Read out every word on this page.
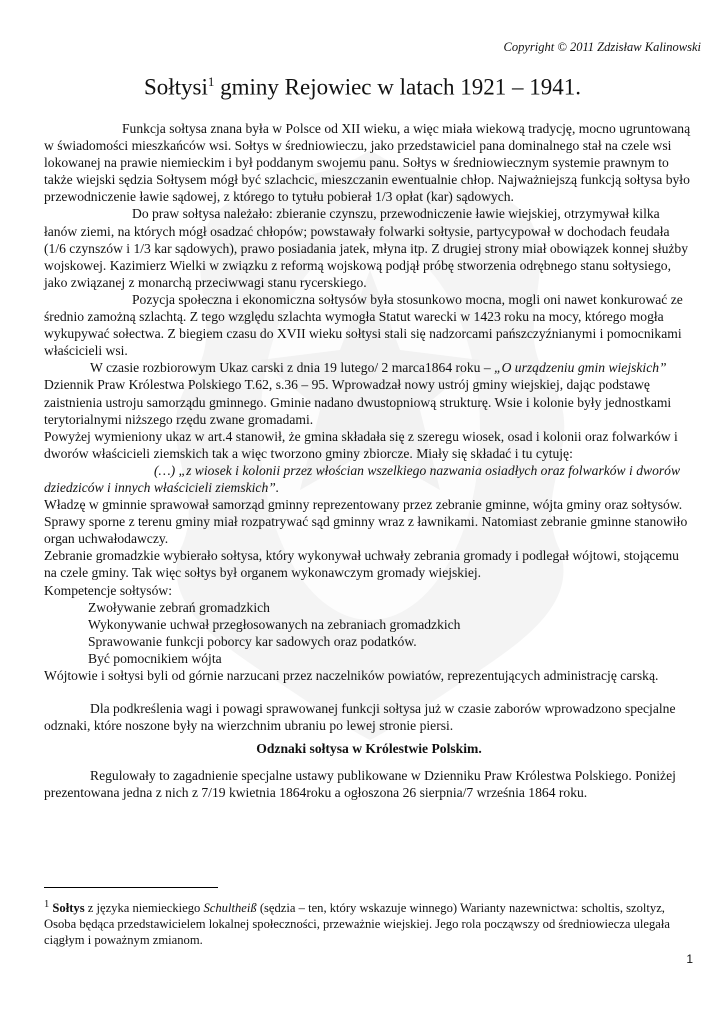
Copyright © 2011 Zdzisław Kalinowski
Sołtysi$^1$ gminy Rejowiec w latach 1921 – 1941.

Funkcja sołtysa znana była w Polsce od XII wieku, a więc miała wiekową tradycję, mocno ugruntowaną w świadomości mieszkańców wsi. Sołtys w średniowieczu, jako przedstawiciel pana dominalnego stał na czele wsi lokowanej na prawie niemieckim i był poddanym swojemu panu. Sołtys w średniowiecznym systemie prawnym to także wiejski sędzia Sołtysem mógł być szlachcic, mieszczanin ewentualnie chłop. Najważniejszą funkcją sołtysa było przewodniczenie ławie sądowej, z którego to tytułu pobierał 1/3 opłat (kar) sądowych.

Do praw sołtysa należało: zbieranie czynszu, przewodniczenie ławie wiejskiej, otrzymywał kilka łanów ziemi, na których mógł osadzać chłopów; powstawały folwarki sołtysie, partycypował w dochodach feudała (1/6 czynszów i 1/3 kar sądowych), prawo posiadania jatek, młyna itp. Z drugiej strony miał obowiązek konnej służby wojskowej. Kazimierz Wielki w związku z reformą wojskową podjął próbę stworzenia odrębnego stanu sołtysiego, jako związanej z monarchą przeciwwagi stanu rycerskiego.

Pozycja społeczna i ekonomiczna sołtysów była stosunkowo mocna, mogli oni nawet konkurować ze średnio zamożną szlachtą. Z tego względu szlachta wymogła Statut warecki w 1423 roku na mocy, którego mogła wykupywać sołectwa. Z biegiem czasu do XVII wieku sołtysi stali się nadzorcami pańszczyźnianymi i pomocnikami właścicieli wsi.

W czasie rozbiorowym Ukaz carski z dnia 19 lutego/ 2 marca1864 roku – „O urządzeniu gmin wiejskich” Dziennik Praw Królestwa Polskiego T.62, s.36 – 95. Wprowadzał nowy ustrój gminy wiejskiej, dając podstawę zaistnienia ustroju samorządu gminnego. Gminie nadano dwustopniową strukturę. Wsie i kolonie były jednostkami terytorialnymi niższego rzędu zwane gromadami.

Powyżej wymieniony ukaz w art.4 stanowił, że gmina składała się z szeregu wiosek, osad i kolonii oraz folwarków i dworów właścicieli ziemskich tak a więc tworzono gminy zbiorcze. Miały się składać i tu cytuję:

(…) „z wiosek i kolonii przez włościan wszelkiego nazwania osiadłych oraz folwarków i dworów dziedziców i innych właścicieli ziemskich”.

Władzę w gminnie sprawował samorząd gminny reprezentowany przez zebranie gminne, wójta gminy oraz sołtysów. Sprawy sporne z terenu gminy miał rozpatrywać sąd gminny wraz z ławnikami. Natomiast zebranie gminne stanowiło organ uchwałodawczy.

Zebranie gromadzkie wybierało sołtysa, który wykonywał uchwały zebrania gromady i podlegał wójtowi, stojącemu na czele gminy. Tak więc sołtys był organem wykonawczym gromady wiejskiej.

Kompetencje sołtysów:

Zwoływanie zebrań gromadzkich
Wykonywanie uchwał przegłosowanych na zebraniach gromadzkich
Sprawowanie funkcji poborcy kar sadowych oraz podatków.
Być pomocnikiem wójta

Wójtowie i sołtysi byli od górnie narzucani przez naczelników powiatów, reprezentujących administrację carską.

Dla podkreślenia wagi i powagi sprawowanej funkcji sołtysa już w czasie zaborów wprowadzono specjalne odznaki, które noszone były na wierzchnim ubraniu po lewej stronie piersi.

Odznaki sołtysa w Królestwie Polskim.

Regulowały to zagadnienie specjalne ustawy publikowane w Dzienniku Praw Królestwa Polskiego. Poniżej prezentowana jedna z nich z 7/19 kwietnia 1864roku a ogłoszona 26 sierpnia/7 września 1864 roku.

$^1$ Sołtys z języka niemieckiego Schultheiß (sędzia – ten, który wskazuje winnego) Warianty nazewnictwa: scholtis, szoltyz, Osoba będąca przedstawicielem lokalnej społeczności, przeważnie wiejskiej. Jego rola począwszy od średniowiecza ulegała ciągłym i poważnym zmianom.
1
